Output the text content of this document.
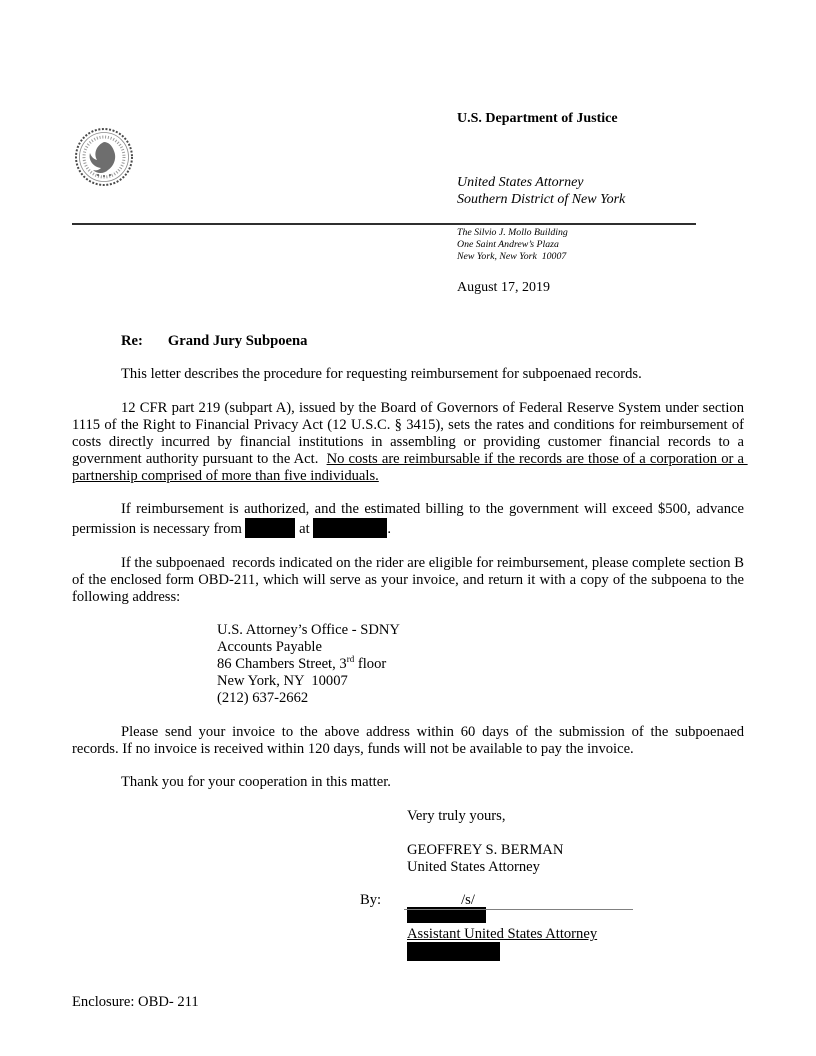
U.S. Department of Justice
United States Attorney
Southern District of New York
The Silvio J. Mollo Building
One Saint Andrew’s Plaza
New York, New York  10007
August 17, 2019
Re: Grand Jury Subpoena

This letter describes the procedure for requesting reimbursement for subpoenaed records.

12 CFR part 219 (subpart A), issued by the Board of Governors of Federal Reserve System under section 1115 of the Right to Financial Privacy Act (12 U.S.C. § 3415), sets the rates and conditions for reimbursement of costs directly incurred by financial institutions in assembling or providing customer financial records to a government authority pursuant to the Act.  No costs are reimbursable if the records are those of a corporation or a partnership comprised of more than five individuals.

If reimbursement is authorized, and the estimated billing to the government will exceed $500, advance permission is necessary from	at	.

If the subpoenaed  records indicated on the rider are eligible for reimbursement, please complete section B of the enclosed form OBD-211, which will serve as your invoice, and return it with a copy of the subpoena to the following address:

U.S. Attorney’s Office - SDNY
Accounts Payable
86 Chambers Street, 3rd floor
New York, NY  10007
(212) 637-2662

Please send your invoice to the above address within 60 days of the submission of the subpoenaed records. If no invoice is received within 120 days, funds will not be available to pay the invoice.

Thank you for your cooperation in this matter.

Very truly yours,
GEOFFREY S. BERMAN
United States Attorney
By:	/s/
Assistant United States Attorney
Enclosure: OBD- 211
